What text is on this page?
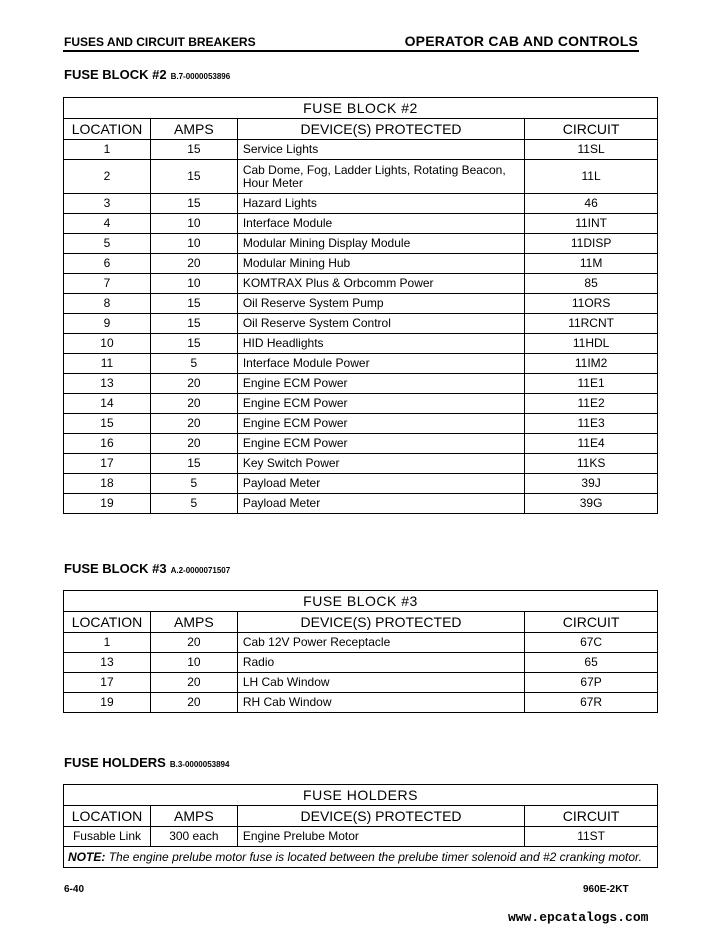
FUSES AND CIRCUIT BREAKERS	OPERATOR CAB AND CONTROLS
FUSE BLOCK #2 B.7-0000053896
FUSE BLOCK #2			
LOCATION	AMPS	DEVICE(S) PROTECTED	CIRCUIT
1	15	Service Lights	11SL
2	15	Cab Dome, Fog, Ladder Lights, Rotating Beacon, Hour Meter	11L
3	15	Hazard Lights	46
4	10	Interface Module	11INT
5	10	Modular Mining Display Module	11DISP
6	20	Modular Mining Hub	11M
7	10	KOMTRAX Plus & Orbcomm Power	85
8	15	Oil Reserve System Pump	11ORS
9	15	Oil Reserve System Control	11RCNT
10	15	HID Headlights	11HDL
11	5	Interface Module Power	11IM2
13	20	Engine ECM Power	11E1
14	20	Engine ECM Power	11E2
15	20	Engine ECM Power	11E3
16	20	Engine ECM Power	11E4
17	15	Key Switch Power	11KS
18	5	Payload Meter	39J
19	5	Payload Meter	39G
FUSE BLOCK #3 A.2-0000071507
FUSE BLOCK #3			
LOCATION	AMPS	DEVICE(S) PROTECTED	CIRCUIT
1	20	Cab 12V Power Receptacle	67C
13	10	Radio	65
17	20	LH Cab Window	67P
19	20	RH Cab Window	67R
FUSE HOLDERS B.3-0000053894
FUSE HOLDERS			
LOCATION	AMPS	DEVICE(S) PROTECTED	CIRCUIT
Fusable Link	300 each	Engine Prelube Motor	11ST
NOTE: The engine prelube motor fuse is located between the prelube timer solenoid and #2 cranking motor.			
6-40	960E-2KT
www.epcatalogs.com
